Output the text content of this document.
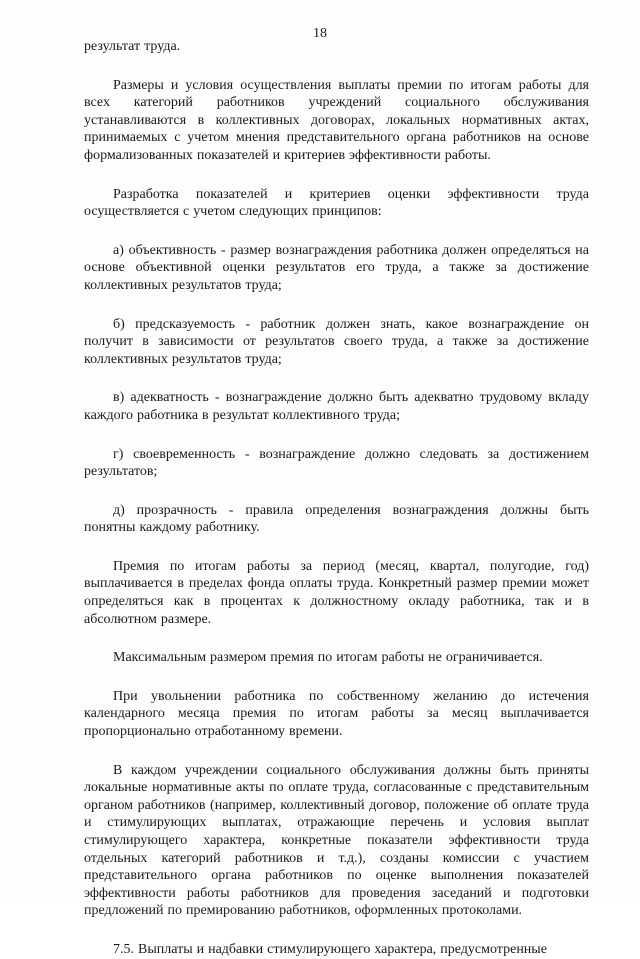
18

результат труда.

Размеры и условия осуществления выплаты премии по итогам работы для всех категорий работников учреждений социального обслуживания устанавливаются в коллективных договорах, локальных нормативных актах, принимаемых с учетом мнения представительного органа работников на основе формализованных показателей и критериев эффективности работы.

Разработка показателей и критериев оценки эффективности труда осуществляется с учетом следующих принципов:

а) объективность - размер вознаграждения работника должен определяться на основе объективной оценки результатов его труда, а также за достижение коллективных результатов труда;

б) предсказуемость - работник должен знать, какое вознаграждение он получит в зависимости от результатов своего труда, а также за достижение коллективных результатов труда;

в) адекватность - вознаграждение должно быть адекватно трудовому вкладу каждого работника в результат коллективного труда;

г) своевременность - вознаграждение должно следовать за достижением результатов;

д) прозрачность - правила определения вознаграждения должны быть понятны каждому работнику.

Премия по итогам работы за период (месяц, квартал, полугодие, год) выплачивается в пределах фонда оплаты труда. Конкретный размер премии может определяться как в процентах к должностному окладу работника, так и в абсолютном размере.

Максимальным размером премия по итогам работы не ограничивается.

При увольнении работника по собственному желанию до истечения календарного месяца премия по итогам работы за месяц выплачивается пропорционально отработанному времени.

В каждом учреждении социального обслуживания должны быть приняты локальные нормативные акты по оплате труда, согласованные с представительным органом работников (например, коллективный договор, положение об оплате труда и стимулирующих выплатах, отражающие перечень и условия выплат стимулирующего характера, конкретные показатели эффективности труда отдельных категорий работников и т.д.), созданы комиссии с участием представительного органа работников по оценке выполнения показателей эффективности работы работников для проведения заседаний и подготовки предложений по премированию работников, оформленных протоколами.

7.5. Выплаты и надбавки стимулирующего характера, предусмотренные
